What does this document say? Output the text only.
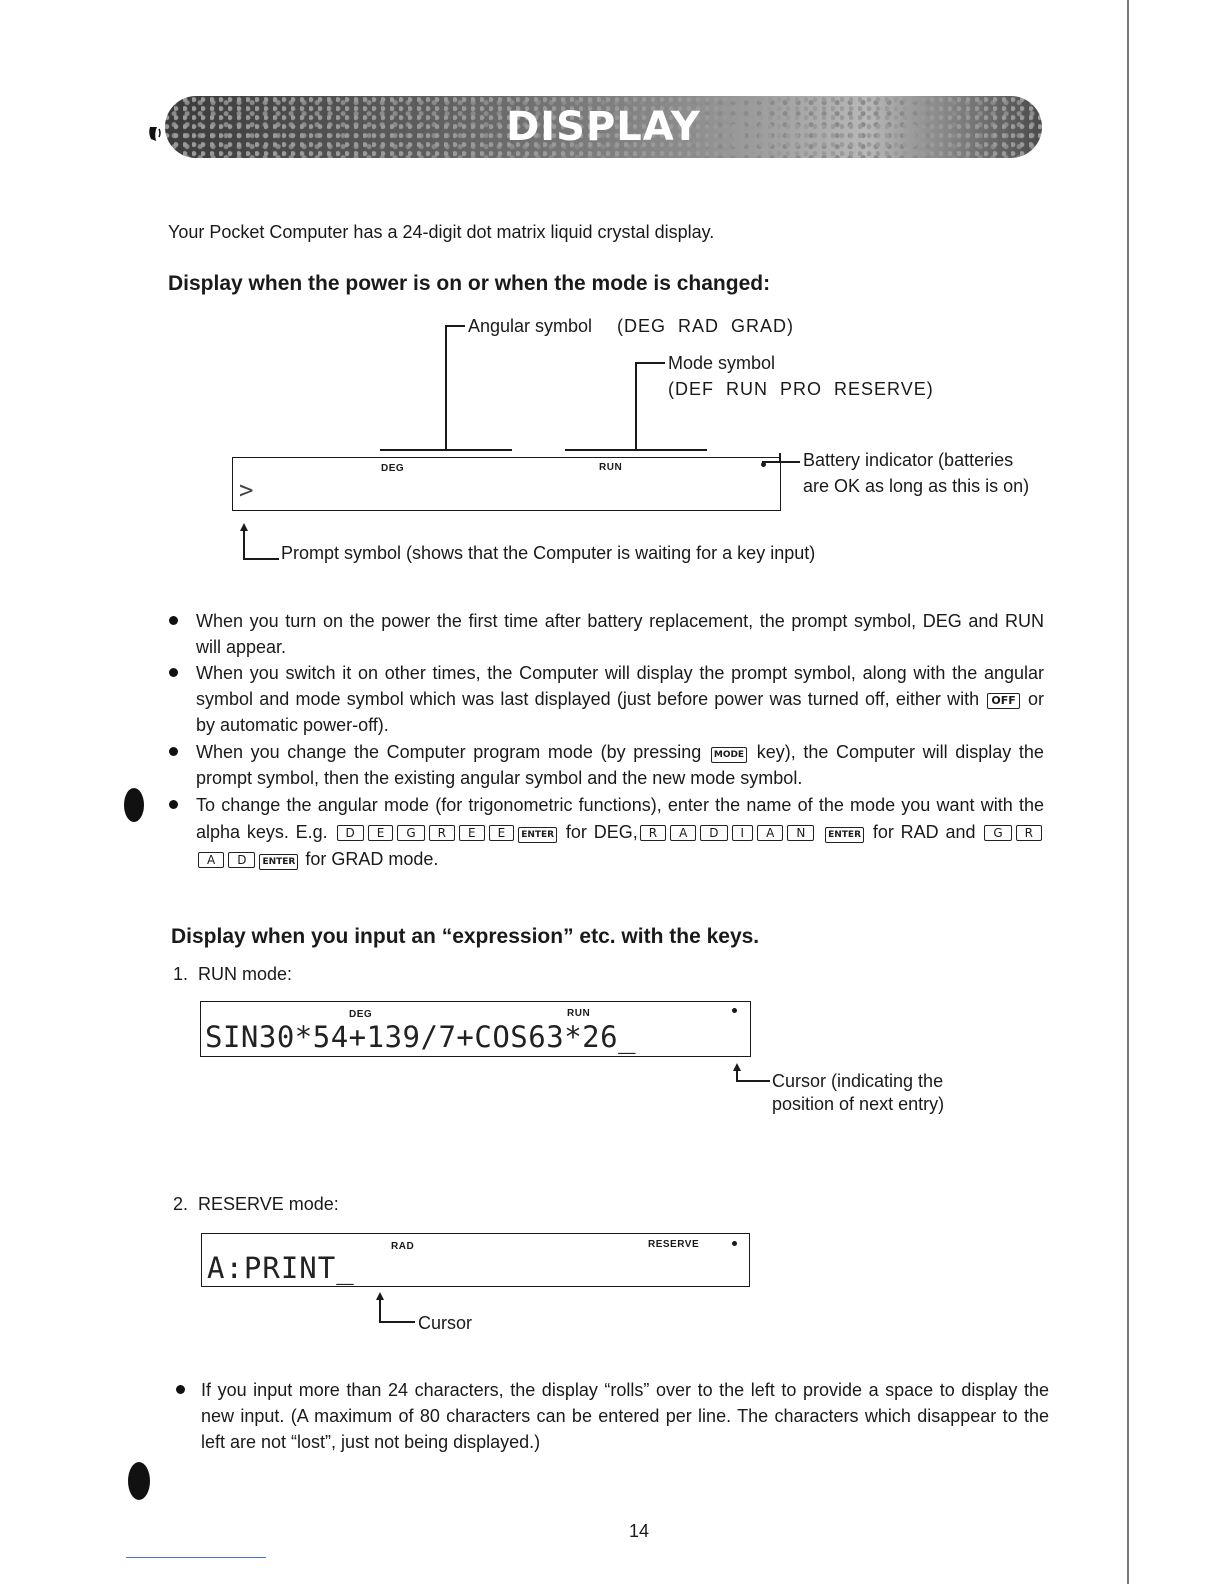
DISPLAY
Your Pocket Computer has a 24-digit dot matrix liquid crystal display.
Display when the power is on or when the mode is changed:
Angular symbol (DEG  RAD  GRAD)
Mode symbol
(DEF  RUN  PRO  RESERVE)
DEG	RUN
>
Battery indicator (batteries
are OK as long as this is on)
Prompt symbol (shows that the Computer is waiting for a key input)
When you turn on the power the first time after battery replacement, the prompt symbol, DEG and RUN will appear.
When you switch it on other times, the Computer will display the prompt symbol, along with the angular symbol and mode symbol which was last displayed (just before power was turned off, either with OFF or by automatic power-off).
When you change the Computer program mode (by pressing MODE key), the Computer will display the prompt symbol, then the existing angular symbol and the new mode symbol.
To change the angular mode (for trigonometric functions), enter the name of the mode you want with the alpha keys. E.g. D E G R E E ENTER for DEG, R A D I A N	ENTER for RAD and G RA D ENTER for GRAD mode.
Display when you input an “expression” etc. with the keys.
1.  RUN mode:
DEG	RUN
SIN30*54+139/7+COS63*26_
Cursor (indicating the
position of next entry)
2.  RESERVE mode:
RAD	RESERVE
A:PRINT_
Cursor
If you input more than 24 characters, the display “rolls” over to the left to provide a space to display the new input. (A maximum of 80 characters can be entered per line. The characters which disappear to the left are not “lost”, just not being displayed.)
14
